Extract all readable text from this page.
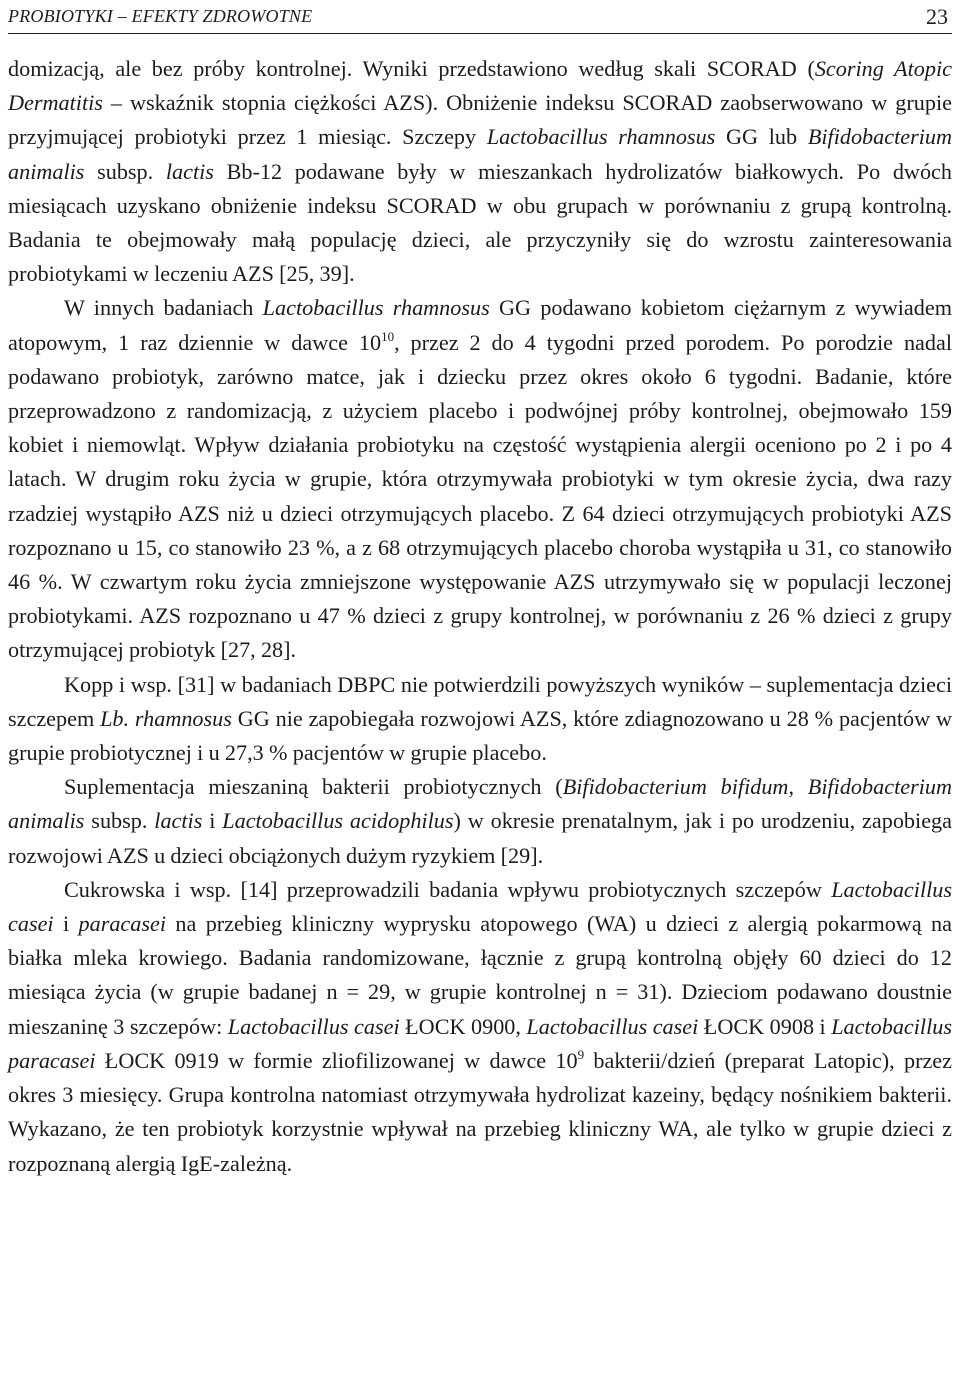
PROBIOTYKI – EFEKTY ZDROWOTNE	23

domizacją, ale bez próby kontrolnej. Wyniki przedstawiono według skali SCORAD (Scoring Atopic Dermatitis – wskaźnik stopnia ciężkości AZS). Obniżenie indeksu SCORAD zaobserwowano w grupie przyjmującej probiotyki przez 1 miesiąc. Szczepy Lactobacillus rhamnosus GG lub Bifidobacterium animalis subsp. lactis Bb-12 podawane były w mieszankach hydrolizatów białkowych. Po dwóch miesiącach uzyskano obniżenie indeksu SCORAD w obu grupach w porównaniu z grupą kontrolną. Badania te obejmowały małą populację dzieci, ale przyczyniły się do wzrostu zainteresowania probiotykami w leczeniu AZS [25, 39].

W innych badaniach Lactobacillus rhamnosus GG podawano kobietom ciężarnym z wywiadem atopowym, 1 raz dziennie w dawce $10^{10}$, przez 2 do 4 tygodni przed porodem. Po porodzie nadal podawano probiotyk, zarówno matce, jak i dziecku przez okres około 6 tygodni. Badanie, które przeprowadzono z randomizacją, z użyciem placebo i podwójnej próby kontrolnej, obejmowało 159 kobiet i niemowląt. Wpływ działania probiotyku na częstość wystąpienia alergii oceniono po 2 i po 4 latach. W drugim roku życia w grupie, która otrzymywała probiotyki w tym okresie życia, dwa razy rzadziej wystąpiło AZS niż u dzieci otrzymujących placebo. Z 64 dzieci otrzymujących probiotyki AZS rozpoznano u 15, co stanowiło 23 %, a z 68 otrzymujących placebo choroba wystąpiła u 31, co stanowiło 46 %. W czwartym roku życia zmniejszone występowanie AZS utrzymywało się w populacji leczonej probiotykami. AZS rozpoznano u 47 % dzieci z grupy kontrolnej, w porównaniu z 26 % dzieci z grupy otrzymującej probiotyk [27, 28].

Kopp i wsp. [31] w badaniach DBPC nie potwierdzili powyższych wyników – suplementacja dzieci szczepem Lb. rhamnosus GG nie zapobiegała rozwojowi AZS, które zdiagnozowano u 28 % pacjentów w grupie probiotycznej i u 27,3 % pacjentów w grupie placebo.

Suplementacja mieszaniną bakterii probiotycznych (Bifidobacterium bifidum, Bifidobacterium animalis subsp. lactis i Lactobacillus acidophilus) w okresie prenatalnym, jak i po urodzeniu, zapobiega rozwojowi AZS u dzieci obciążonych dużym ryzykiem [29].

Cukrowska i wsp. [14] przeprowadzili badania wpływu probiotycznych szczepów Lactobacillus casei i paracasei na przebieg kliniczny wyprysku atopowego (WA) u dzieci z alergią pokarmową na białka mleka krowiego. Badania randomizowane, łącznie z grupą kontrolną objęły 60 dzieci do 12 miesiąca życia (w grupie badanej n = 29, w grupie kontrolnej n = 31). Dzieciom podawano doustnie mieszaninę 3 szczepów: Lactobacillus casei ŁOCK 0900, Lactobacillus casei ŁOCK 0908 i Lactobacillus paracasei ŁOCK 0919 w formie zliofilizowanej w dawce $10^9$ bakterii/dzień (preparat Latopic), przez okres 3 miesięcy. Grupa kontrolna natomiast otrzymywała hydrolizat kazeiny, będący nośnikiem bakterii. Wykazano, że ten probiotyk korzystnie wpływał na przebieg kliniczny WA, ale tylko w grupie dzieci z rozpoznaną alergią IgE-zależną.
